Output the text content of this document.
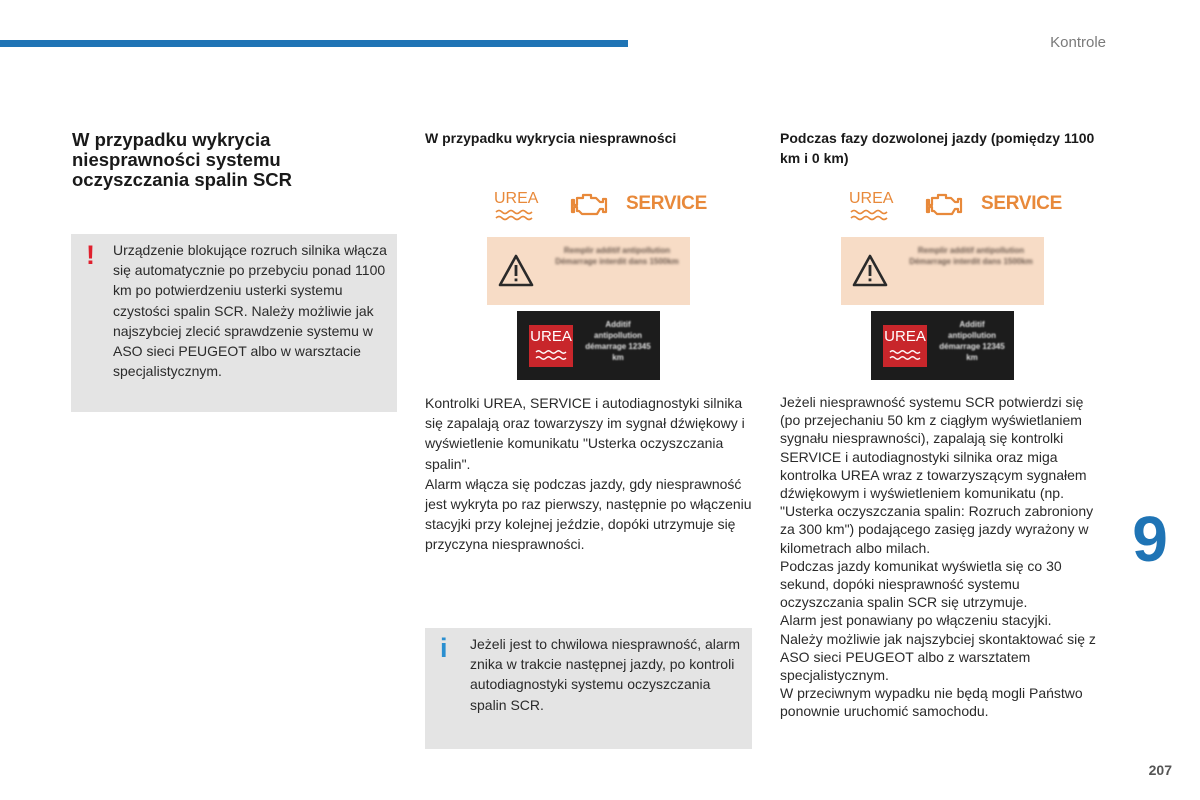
Kontrole
W przypadku wykrycia niesprawności systemu oczyszczania spalin SCR
! Urządzenie blokujące rozruch silnika włącza się automatycznie po przebyciu ponad 1100 km po potwierdzeniu usterki systemu czystości spalin SCR. Należy możliwie jak najszybciej zlecić sprawdzenie systemu w ASO sieci PEUGEOT albo w warsztacie specjalistycznym.
W przypadku wykrycia niesprawności
UREA	SERVICE
Remplir additif antipollution Démarrage interdit dans 1500km
UREA
Additif antipollution démarrage 12345 km
Kontrolki UREA, SERVICE i autodiagnostyki silnika się zapalają oraz towarzyszy im sygnał dźwiękowy i wyświetlenie komunikatu "Usterka oczyszczania spalin".
Alarm włącza się podczas jazdy, gdy niesprawność jest wykryta po raz pierwszy, następnie po włączeniu stacyjki przy kolejnej jeździe, dopóki utrzymuje się przyczyna niesprawności.
i	Jeżeli jest to chwilowa niesprawność, alarm znika w trakcie następnej jazdy, po kontroli autodiagnostyki systemu oczyszczania spalin SCR.
Podczas fazy dozwolonej jazdy (pomiędzy 1100 km i 0 km)
UREA	SERVICE
Remplir additif antipollution Démarrage interdit dans 1500km
UREA
Additif antipollution démarrage 12345 km
Jeżeli niesprawność systemu SCR potwierdzi się (po przejechaniu 50 km z ciągłym wyświetlaniem sygnału niesprawności), zapalają się kontrolki SERVICE i autodiagnostyki silnika oraz miga kontrolka UREA wraz z towarzyszącym sygnałem dźwiękowym i wyświetleniem komunikatu (np. "Usterka oczyszczania spalin: Rozruch zabroniony za 300 km") podającego zasięg jazdy wyrażony w kilometrach albo milach.
Podczas jazdy komunikat wyświetla się co 30 sekund, dopóki niesprawność systemu oczyszczania spalin SCR się utrzymuje.
Alarm jest ponawiany po włączeniu stacyjki.
Należy możliwie jak najszybciej skontaktować się z ASO sieci PEUGEOT albo z warsztatem specjalistycznym.
W przeciwnym wypadku nie będą mogli Państwo ponownie uruchomić samochodu.
9
207
